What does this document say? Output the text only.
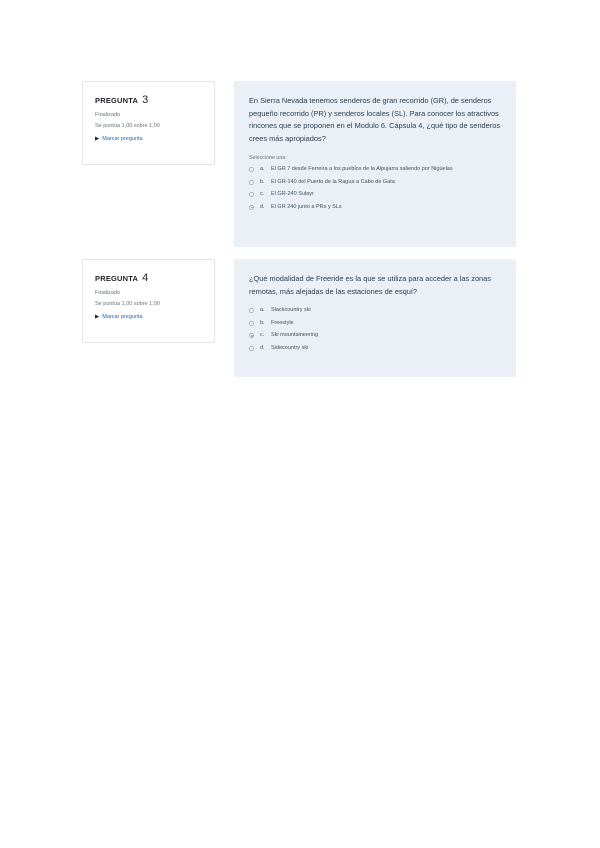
PREGUNTA 3
Finalizado
Se puntúa 1,00 sobre 1,00
▶ Marcar pregunta
En Sierra Nevada tenemos senderos de gran recorrido (GR), de senderos pequeño recorrido (PR) y senderos locales (SL). Para conocer los atractivos rincones que se proponen en el Modulo 6. Cápsula 4, ¿qué tipo de senderos crees más apropiados?
Seleccione una:
a.	El GR 7 desde Ferreira a los pueblos de la Alpujarra saliendo por Nigüelas
b.	El GR-140 del Puerto de la Ragua a Cabo de Gata
c.	El GR-240 Sulayr
d.	El GR 240 junto a PRs y SLs
PREGUNTA 4
Finalizado
Se puntúa 1,00 sobre 1,00
▶ Marcar pregunta
¿Qué modalidad de Freeride es la que se utiliza para acceder a las zonas remotas, más alejadas de las estaciones de esquí?
a.	Slackcountry ski
b.	Freestyle
c.	Ski mountaineering
d.	Sidecountry ski
